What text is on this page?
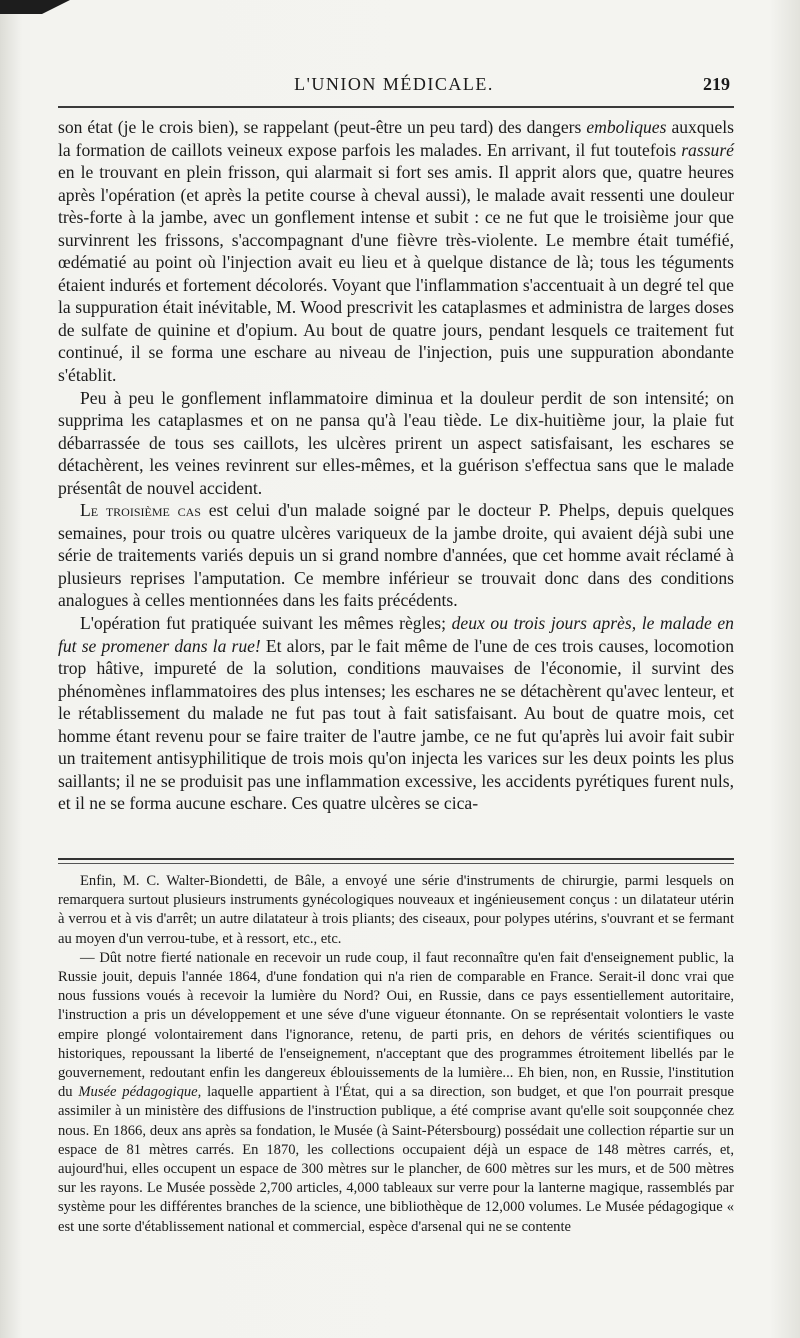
L'UNION MÉDICALE.	219

son état (je le crois bien), se rappelant (peut-être un peu tard) des dangers emboliques auxquels la formation de caillots veineux expose parfois les malades. En arrivant, il fut toutefois rassuré en le trouvant en plein frisson, qui alarmait si fort ses amis. Il apprit alors que, quatre heures après l'opération (et après la petite course à cheval aussi), le malade avait ressenti une douleur très-forte à la jambe, avec un gonflement intense et subit : ce ne fut que le troisième jour que survinrent les frissons, s'accompagnant d'une fièvre très-violente. Le membre était tuméfié, œdématié au point où l'injection avait eu lieu et à quelque distance de là; tous les téguments étaient indurés et fortement décolorés. Voyant que l'inflammation s'accentuait à un degré tel que la suppuration était inévitable, M. Wood prescrivit les cataplasmes et administra de larges doses de sulfate de quinine et d'opium. Au bout de quatre jours, pendant lesquels ce traitement fut continué, il se forma une eschare au niveau de l'injection, puis une suppuration abondante s'établit.

Peu à peu le gonflement inflammatoire diminua et la douleur perdit de son intensité; on supprima les cataplasmes et on ne pansa qu'à l'eau tiède. Le dix-huitième jour, la plaie fut débarrassée de tous ses caillots, les ulcères prirent un aspect satisfaisant, les eschares se détachèrent, les veines revinrent sur elles-mêmes, et la guérison s'effectua sans que le malade présentât de nouvel accident.

Le troisième cas est celui d'un malade soigné par le docteur P. Phelps, depuis quelques semaines, pour trois ou quatre ulcères variqueux de la jambe droite, qui avaient déjà subi une série de traitements variés depuis un si grand nombre d'années, que cet homme avait réclamé à plusieurs reprises l'amputation. Ce membre inférieur se trouvait donc dans des conditions analogues à celles mentionnées dans les faits précédents.

L'opération fut pratiquée suivant les mêmes règles; deux ou trois jours après, le malade en fut se promener dans la rue! Et alors, par le fait même de l'une de ces trois causes, locomotion trop hâtive, impureté de la solution, conditions mauvaises de l'économie, il survint des phénomènes inflammatoires des plus intenses; les eschares ne se détachèrent qu'avec lenteur, et le rétablissement du malade ne fut pas tout à fait satisfaisant. Au bout de quatre mois, cet homme étant revenu pour se faire traiter de l'autre jambe, ce ne fut qu'après lui avoir fait subir un traitement antisyphilitique de trois mois qu'on injecta les varices sur les deux points les plus saillants; il ne se produisit pas une inflammation excessive, les accidents pyrétiques furent nuls, et il ne se forma aucune eschare. Ces quatre ulcères se cica-

Enfin, M. C. Walter-Biondetti, de Bâle, a envoyé une série d'instruments de chirurgie, parmi lesquels on remarquera surtout plusieurs instruments gynécologiques nouveaux et ingénieusement conçus : un dilatateur utérin à verrou et à vis d'arrêt; un autre dilatateur à trois pliants; des ciseaux, pour polypes utérins, s'ouvrant et se fermant au moyen d'un verrou-tube, et à ressort, etc., etc.

— Dût notre fierté nationale en recevoir un rude coup, il faut reconnaître qu'en fait d'enseignement public, la Russie jouit, depuis l'année 1864, d'une fondation qui n'a rien de comparable en France. Serait-il donc vrai que nous fussions voués à recevoir la lumière du Nord? Oui, en Russie, dans ce pays essentiellement autoritaire, l'instruction a pris un développement et une séve d'une vigueur étonnante. On se représentait volontiers le vaste empire plongé volontairement dans l'ignorance, retenu, de parti pris, en dehors de vérités scientifiques ou historiques, repoussant la liberté de l'enseignement, n'acceptant que des programmes étroitement libellés par le gouvernement, redoutant enfin les dangereux éblouissements de la lumière... Eh bien, non, en Russie, l'institution du Musée pédagogique, laquelle appartient à l'État, qui a sa direction, son budget, et que l'on pourrait presque assimiler à un ministère des diffusions de l'instruction publique, a été comprise avant qu'elle soit soupçonnée chez nous. En 1866, deux ans après sa fondation, le Musée (à Saint-Pétersbourg) possédait une collection répartie sur un espace de 81 mètres carrés. En 1870, les collections occupaient déjà un espace de 148 mètres carrés, et, aujourd'hui, elles occupent un espace de 300 mètres sur le plancher, de 600 mètres sur les murs, et de 500 mètres sur les rayons. Le Musée possède 2,700 articles, 4,000 tableaux sur verre pour la lanterne magique, rassemblés par système pour les différentes branches de la science, une bibliothèque de 12,000 volumes. Le Musée pédagogique « est une sorte d'établissement national et commercial, espèce d'arsenal qui ne se contente
